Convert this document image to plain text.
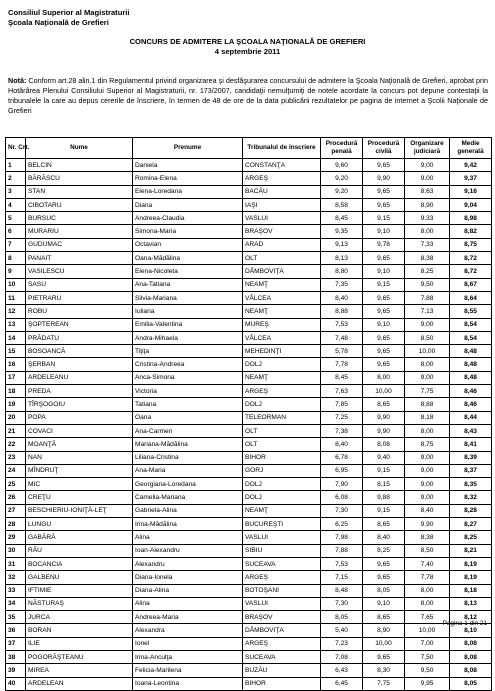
Consiliul Superior al Magistraturii
Şcoala Naţională de Grefieri
CONCURS DE ADMITERE LA ŞCOALA NAŢIONALĂ DE GREFIERI
4 septembrie 2011
Notă: Conform art.28 alin.1 din Regulamentul privind organizarea şi desfăşurarea concursului de admitere la Şcoala Naţională de Grefieri, aprobat prin Hotărârea Plenului Consiliului Superior al Magistraturii, nr. 173/2007, candidaţii nemulţumiţi de notele acordate la concurs pot depune contestaţii la tribunalele la care au depus cererile de înscriere, în termen de 48 de ore de la data publicării rezultatelor pe pagina de internet a Şcolii Naţionale de Grefieri
Nr. Crt.	Nume	Prenume	Tribunalul de înscriere	Procedură penală	Procedură civilă	Organizare judiciară	Medie generală
1	BELCIN	Daniela	CONSTANŢA	9,60	9,65	9,00	9,42
2	BĂRĂSCU	Romina-Elena	ARGEŞ	9,20	9,90	9,00	9,37
3	STAN	Elena-Loredana	BACĂU	9,20	9,65	8,63	9,16
4	CIBOTARU	Diana	IAŞI	8,58	9,65	8,90	9,04
5	BURSUC	Andreea-Claudia	VASLUI	8,45	9,15	9,33	8,98
6	MURARIU	Simona-Maria	BRAŞOV	9,35	9,10	8,00	8,82
7	GUDUMAC	Octavian	ARAD	9,13	9,78	7,33	8,75
8	PANAIT	Oana-Mădălina	OLT	8,13	9,65	8,38	8,72
9	VASILESCU	Elena-Nicoleta	DÂMBOVIŢA	8,80	9,10	8,25	8,72
10	SASU	Ana-Tatiana	NEAMŢ	7,35	9,15	9,50	8,67
11	PIETRARU	Silvia-Mariana	VÂLCEA	8,40	9,65	7,88	8,64
12	ROBU	Iuliana	NEAMŢ	8,88	9,65	7,13	8,55
13	ŞOPTEREAN	Emilia-Valentina	MUREŞ	7,53	9,10	9,00	8,54
14	PRĂDATU	Andra-Mihaela	VÂLCEA	7,48	9,65	8,50	8,54
15	BOSOANCĂ	Tiţiţa	MEHEDINŢI	5,78	9,65	10,00	8,48
16	ŞERBAN	Cristina-Andreea	DOLJ	7,78	9,65	8,00	8,48
17	ARDELEANU	Anca-Simona	NEAMŢ	8,45	8,00	9,00	8,48
18	PREDA	Victoria	ARGEŞ	7,63	10,00	7,75	8,46
19	TÎRŞOGOIU	Tatiana	DOLJ	7,85	8,65	8,88	8,46
20	POPA	Oana	TELEORMAN	7,25	9,90	8,18	8,44
21	COVACI	Ana-Carmen	OLT	7,38	9,90	8,00	8,43
22	MOANŢĂ	Mariana-Mădălina	OLT	8,40	8,08	8,75	8,41
23	NAN	Liliana-Cristina	BIHOR	6,78	9,40	9,00	8,39
24	MÎNDRUŢ	Ana-Maria	GORJ	6,95	9,15	9,00	8,37
25	MIC	Georgiana-Loredana	DOLJ	7,90	8,15	9,00	8,35
26	CREŢU	Camelia-Mariana	DOLJ	6,08	9,88	9,00	8,32
27	BESCHIERIU-IONIŢĂ-LEŢ	Gabriela-Alina	NEAMŢ	7,30	9,15	8,40	8,28
28	LUNGU	Irina-Mădălina	BUCUREŞTI	6,25	8,65	9,90	8,27
29	GABĂRĂ	Alina	VASLUI	7,98	8,40	8,38	8,25
30	RĂU	Ioan-Alexandru	SIBIU	7,88	8,25	8,50	8,21
31	BOCANCIA	Alexandru	SUCEAVA	7,53	9,65	7,40	8,19
32	GALBENU	Diana-Ionela	ARGEŞ	7,15	9,65	7,78	8,19
33	IFTIMIE	Diana-Alina	BOTOŞANI	8,48	8,05	8,00	8,18
34	NĂSTURAŞ	Alina	VASLUI	7,30	9,10	8,00	8,13
35	JURCA	Andreea-Maria	BRAŞOV	8,05	8,65	7,65	8,12
36	BORAN	Alexandra	DÂMBOVIŢA	5,40	8,90	10,00	8,10
37	ILIE	Ionel	ARGEŞ	7,23	10,00	7,00	8,08
38	POGORĂŞTEANU	Irina-Anculţa	SUCEAVA	7,08	9,65	7,50	8,08
39	MIREA	Felicia-Marilena	BUZĂU	6,43	8,30	9,50	8,08
40	ARDELEAN	Ioana-Leontina	BIHOR	6,45	7,75	9,95	8,05
Pagina 1 din 21
